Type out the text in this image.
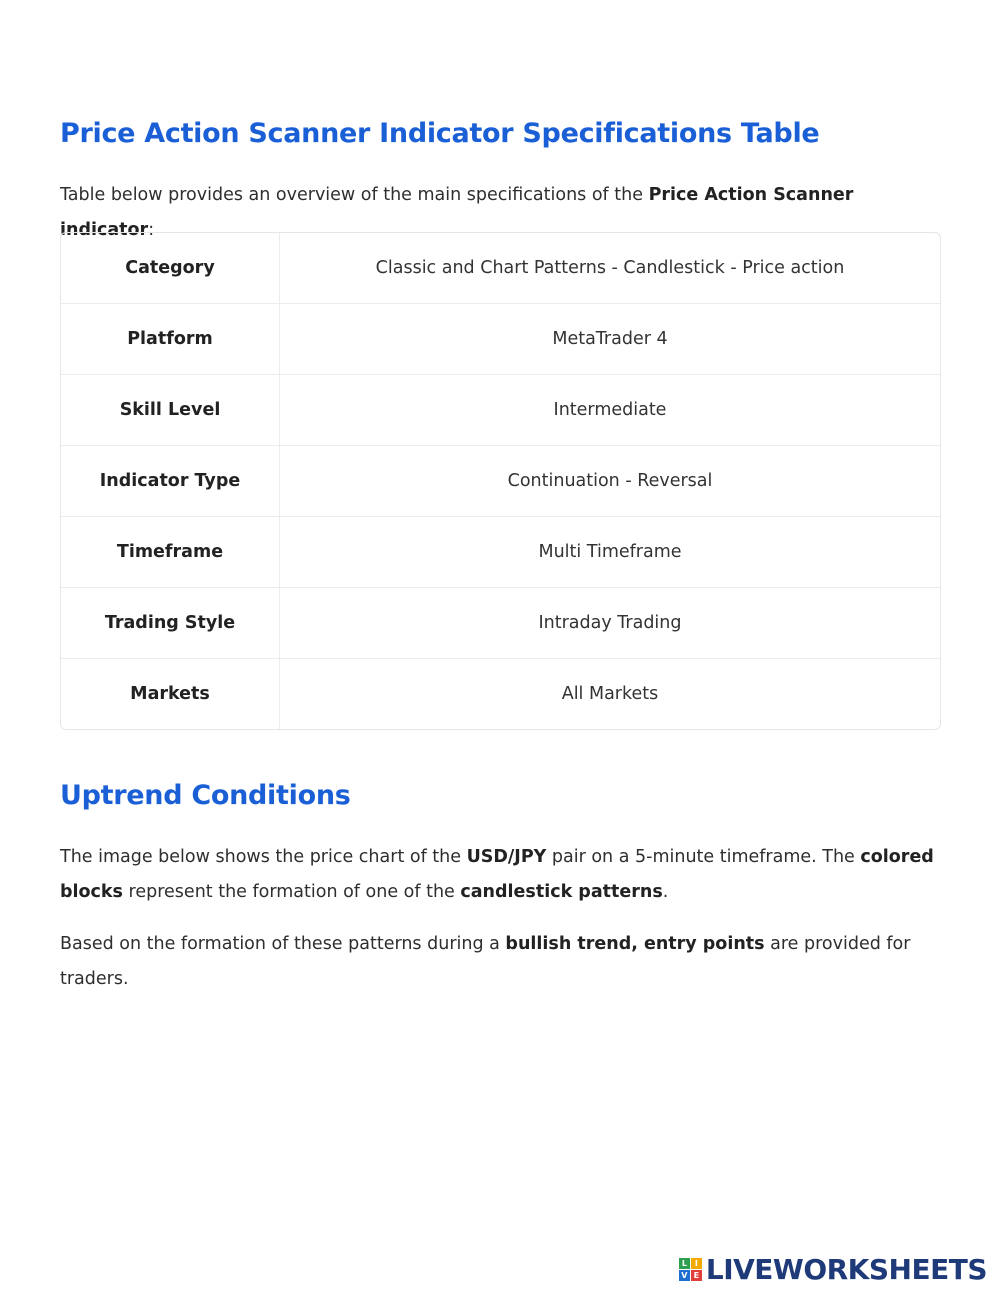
Price Action Scanner Indicator Specifications Table

Table below provides an overview of the main specifications of the Price Action Scanner indicator:

Category	Classic and Chart Patterns - Candlestick - Price action
Platform	MetaTrader 4
Skill Level	Intermediate
Indicator Type	Continuation - Reversal
Timeframe	Multi Timeframe
Trading Style	Intraday Trading
Markets	All Markets
Uptrend Conditions

The image below shows the price chart of the USD/JPY pair on a 5-minute timeframe. The colored blocks represent the formation of one of the candlestick patterns.

Based on the formation of these patterns during a bullish trend, entry points are provided for traders.

L I
V E LIVEWORKSHEETS
